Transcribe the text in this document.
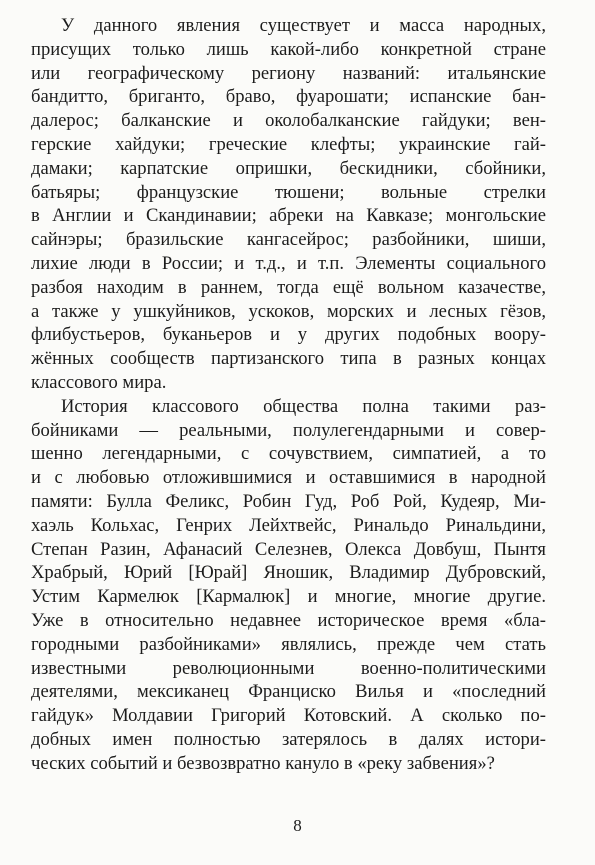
У данного явления существует и масса народных,
присущих только лишь какой-либо конкретной стране
или географическому региону названий: итальянские
бандитто, бриганто, браво, фуарошати; испанские бан-
далерос; балканские и околобалканские гайдуки; вен-
герские хайдуки; греческие клефты; украинские гай-
дамаки; карпатские опришки, бескидники, сбойники,
батьяры; французские тюшени; вольные стрелки
в Англии и Скандинавии; абреки на Кавказе; монгольские
сайнэры; бразильские кангасейрос; разбойники, шиши,
лихие люди в России; и т.д., и т.п. Элементы социального
разбоя находим в раннем, тогда ещё вольном казачестве,
а также у ушкуйников, ускоков, морских и лесных гёзов,
флибустьеров, буканьеров и у других подобных воору-
жённых сообществ партизанского типа в разных концах
классового мира.
История классового общества полна такими раз-
бойниками — реальными, полулегендарными и совер-
шенно легендарными, с сочувствием, симпатией, а то
и с любовью отложившимися и оставшимися в народной
памяти: Булла Феликс, Робин Гуд, Роб Рой, Кудеяр, Ми-
хаэль Кольхас, Генрих Лейхтвейс, Ринальдо Ринальдини,
Степан Разин, Афанасий Селезнев, Олекса Довбуш, Пынтя
Храбрый, Юрий [Юрай] Яношик, Владимир Дубровский,
Устим Кармелюк [Кармалюк] и многие, многие другие.
Уже в относительно недавнее историческое время «бла-
городными разбойниками» являлись, прежде чем стать
известными революционными военно-политическими
деятелями, мексиканец Франциско Вилья и «последний
гайдук» Молдавии Григорий Котовский. А сколько по-
добных имен полностью затерялось в далях истори-
ческих событий и безвозвратно кануло в «реку забвения»?
8
